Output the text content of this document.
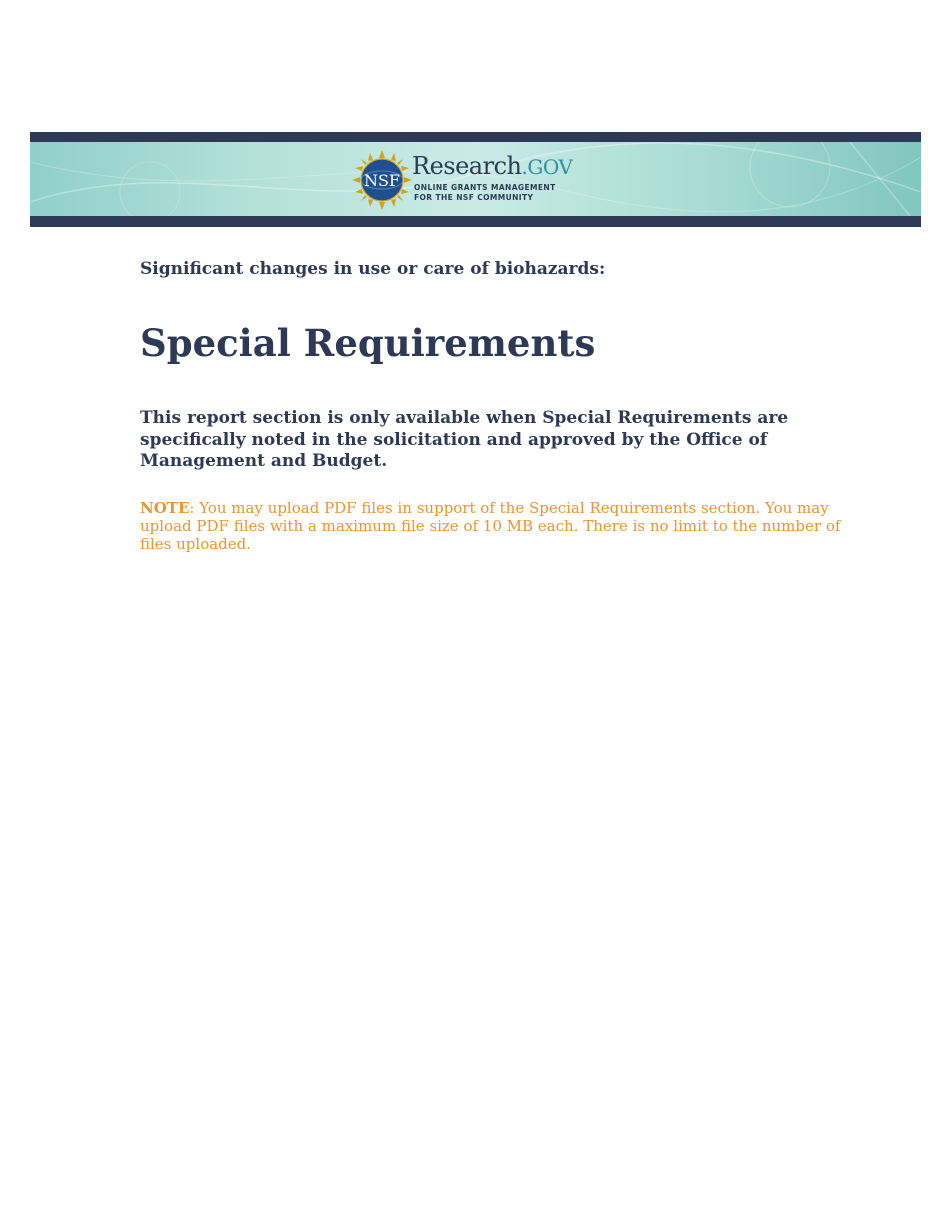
NSF
Research.GOV
ONLINE GRANTS MANAGEMENT
FOR THE NSF COMMUNITY

Significant changes in use or care of biohazards:

Special Requirements

This report section is only available when Special Requirements are specifically noted in the solicitation and approved by the Office of Management and Budget.

NOTE: You may upload PDF files in support of the Special Requirements section. You may upload PDF files with a maximum file size of 10 MB each. There is no limit to the number of files uploaded.
